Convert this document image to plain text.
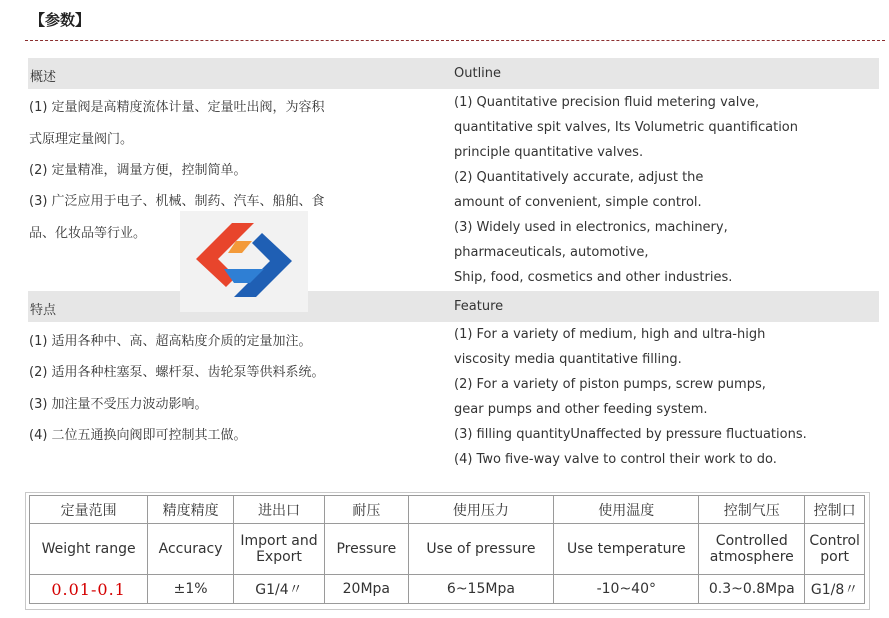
【参数】
概述	Outline
(1) 定量阀是高精度流体计量、定量吐出阀，为容积
式原理定量阀门。
(2) 定量精准，调量方便，控制简单。
(3) 广泛应用于电子、机械、制药、汽车、船舶、食
品、化妆品等行业。
(1) Quantitative precision fluid metering valve,
quantitative spit valves, Its Volumetric quantification
principle quantitative valves.
(2) Quantitatively accurate, adjust the
amount of convenient, simple control.
(3) Widely used in electronics, machinery,
pharmaceuticals, automotive,
Ship, food, cosmetics and other industries.
特点	Feature
(1) 适用各种中、高、超高粘度介质的定量加注。
(2) 适用各种柱塞泵、螺杆泵、齿轮泵等供料系统。
(3) 加注量不受压力波动影响。
(4) 二位五通换向阀即可控制其工做。
(1) For a variety of medium, high and ultra-high
viscosity media quantitative filling.
(2) For a variety of piston pumps, screw pumps,
gear pumps and other feeding system.
(3) filling quantityUnaffected by pressure fluctuations.
(4) Two five-way valve to control their work to do.
定量范围	精度精度	进出口	耐压	使用压力	使用温度	控制气压	控制口
Weight range	Accuracy	Import and Export	Pressure	Use of pressure	Use temperature	Controlled atmosphere	Control port
0.01-0.1	±1%	G1/4〃	20Mpa	6~15Mpa	-10~40°	0.3~0.8Mpa	G1/8〃
